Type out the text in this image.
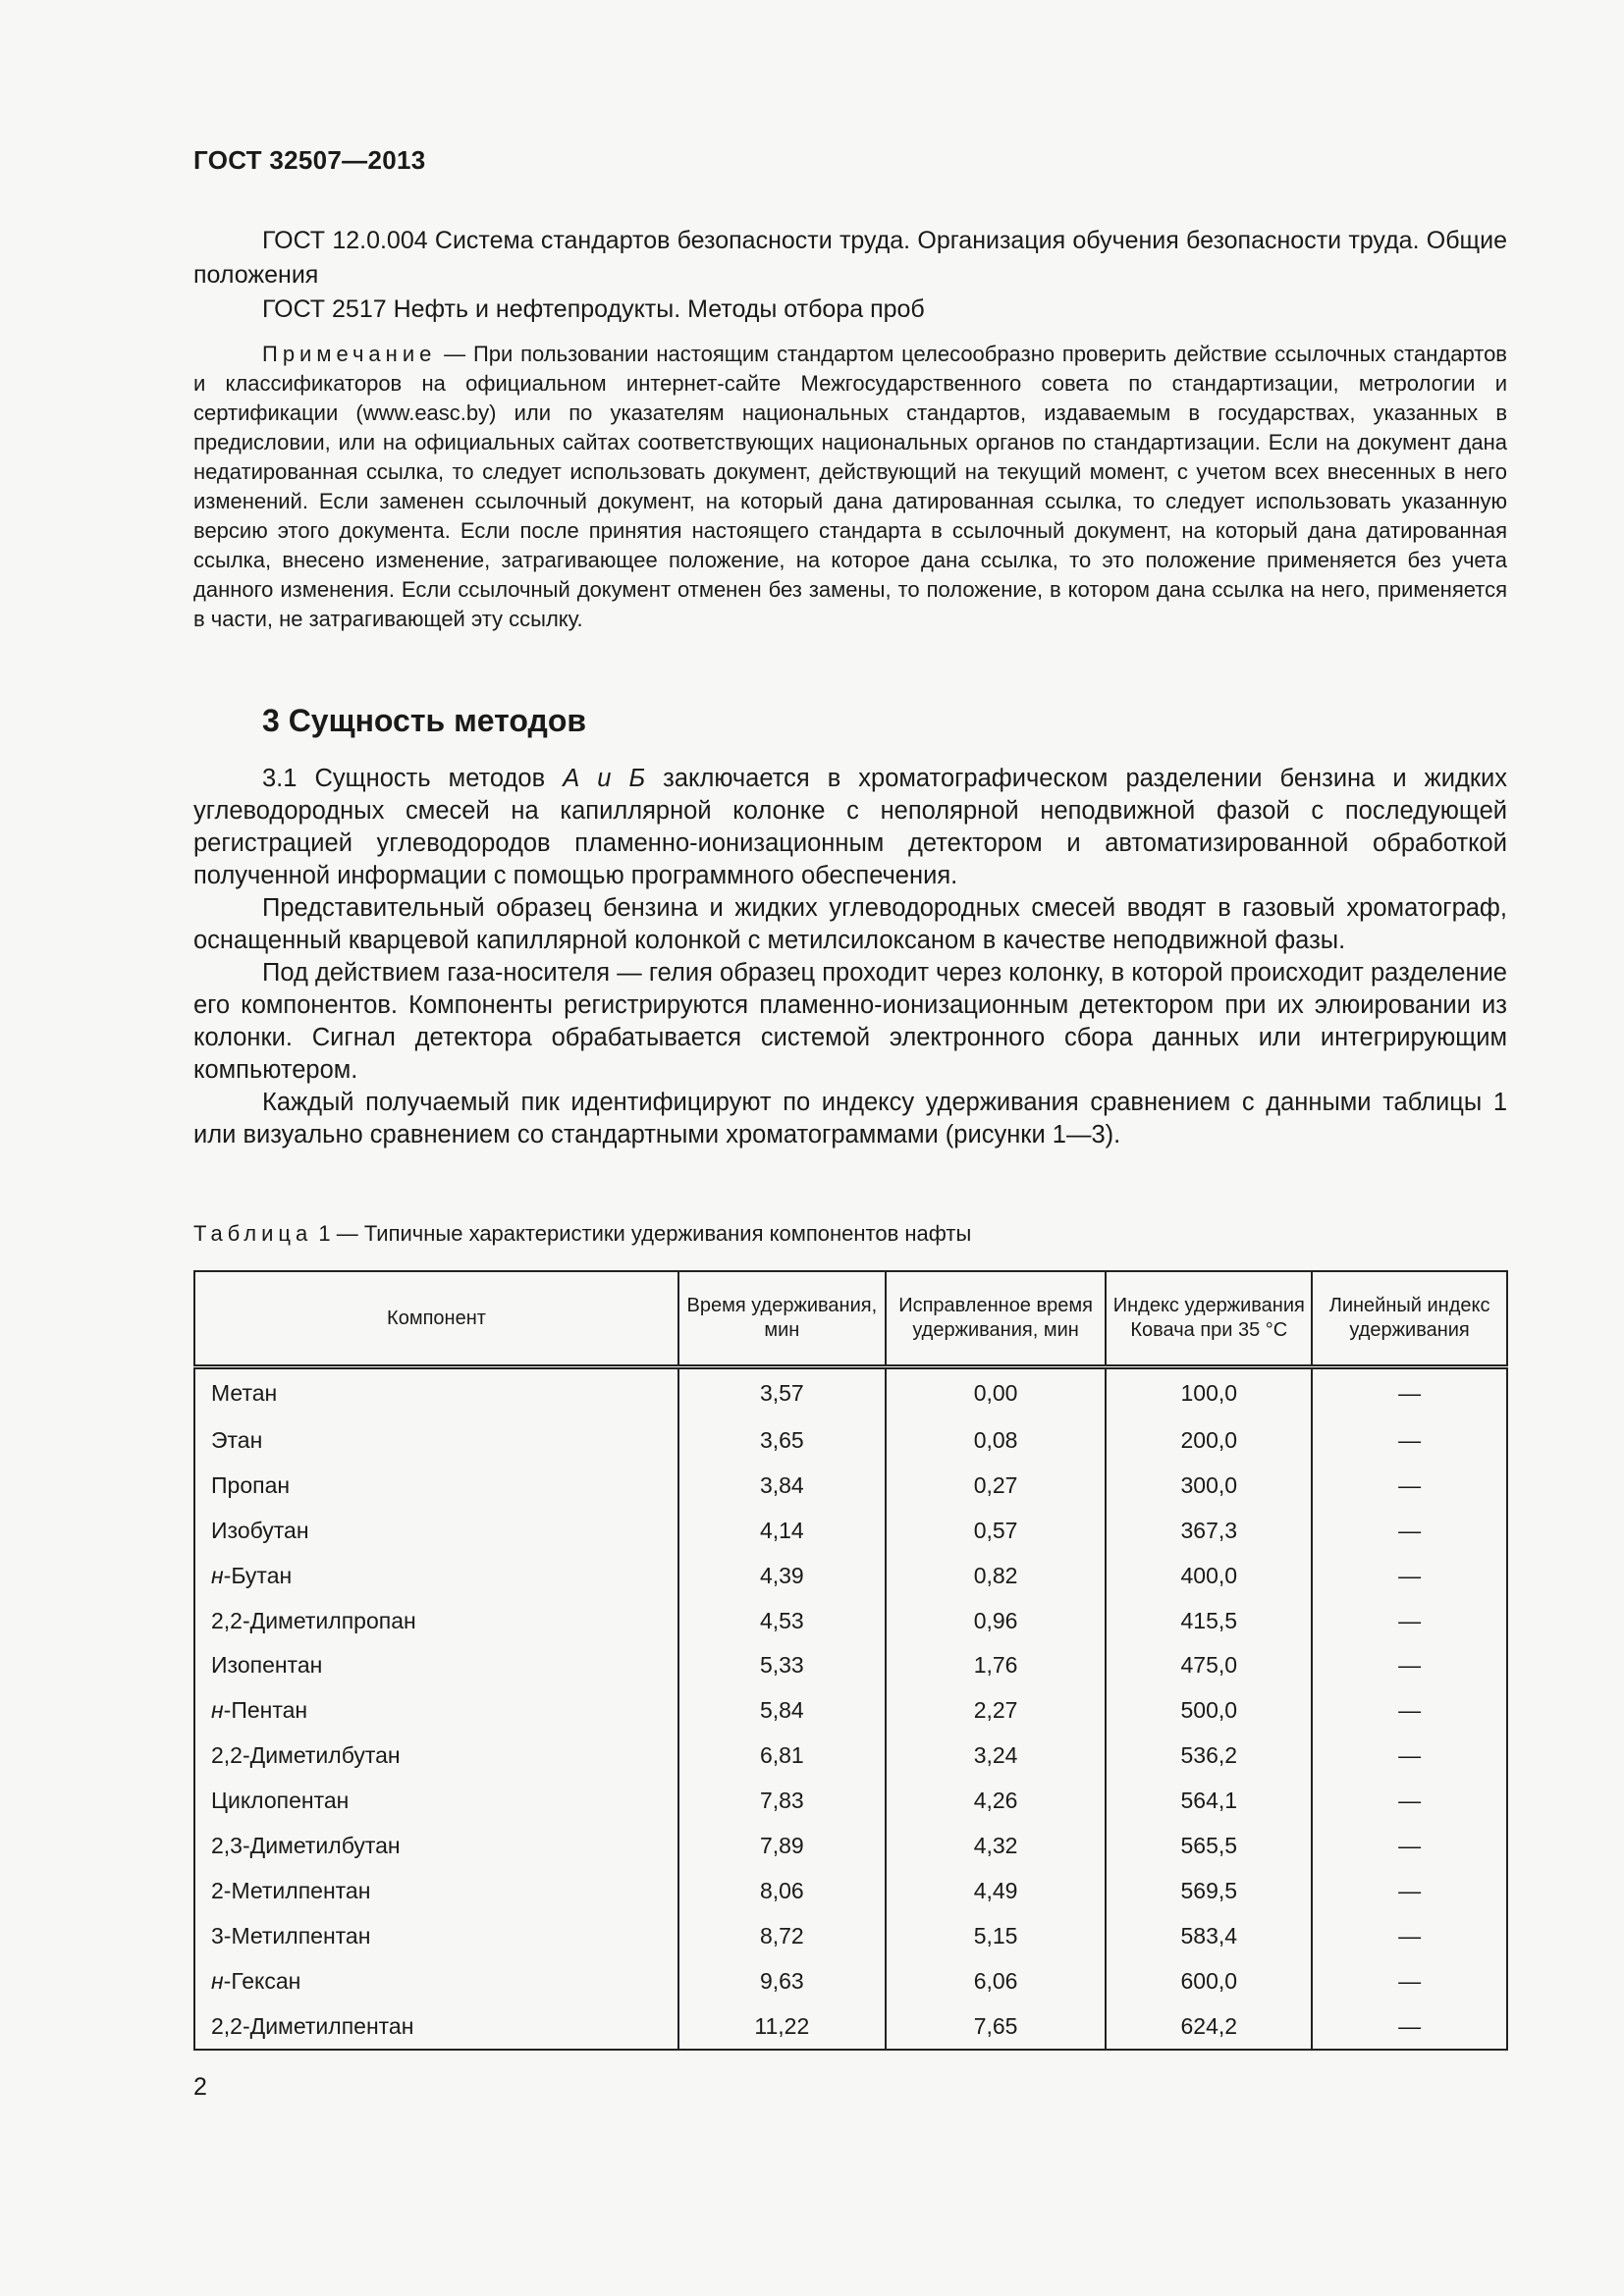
ГОСТ 32507—2013

ГОСТ 12.0.004 Система стандартов безопасности труда. Организация обучения безопасности труда. Общие положения

ГОСТ 2517 Нефть и нефтепродукты. Методы отбора проб

Примечание — При пользовании настоящим стандартом целесообразно проверить действие ссылочных стандартов и классификаторов на официальном интернет-сайте Межгосударственного совета по стандартизации, метрологии и сертификации (www.easc.by) или по указателям национальных стандартов, издаваемым в государствах, указанных в предисловии, или на официальных сайтах соответствующих национальных органов по стандартизации. Если на документ дана недатированная ссылка, то следует использовать документ, действующий на текущий момент, с учетом всех внесенных в него изменений. Если заменен ссылочный документ, на который дана датированная ссылка, то следует использовать указанную версию этого документа. Если после принятия настоящего стандарта в ссылочный документ, на который дана датированная ссылка, внесено изменение, затрагивающее положение, на которое дана ссылка, то это положение применяется без учета данного изменения. Если ссылочный документ отменен без замены, то положение, в котором дана ссылка на него, применяется в части, не затрагивающей эту ссылку.
3 Сущность методов

3.1 Сущность методов А и Б заключается в хроматографическом разделении бензина и жидких углеводородных смесей на капиллярной колонке с неполярной неподвижной фазой с последующей регистрацией углеводородов пламенно-ионизационным детектором и автоматизированной обработкой полученной информации с помощью программного обеспечения.

Представительный образец бензина и жидких углеводородных смесей вводят в газовый хроматограф, оснащенный кварцевой капиллярной колонкой с метилсилоксаном в качестве неподвижной фазы.

Под действием газа-носителя — гелия образец проходит через колонку, в которой происходит разделение его компонентов. Компоненты регистрируются пламенно-ионизационным детектором при их элюировании из колонки. Сигнал детектора обрабатывается системой электронного сбора данных или интегрирующим компьютером.

Каждый получаемый пик идентифицируют по индексу удерживания сравнением с данными таблицы 1 или визуально сравнением со стандартными хроматограммами (рисунки 1—3).

Таблица 1 — Типичные характеристики удерживания компонентов нафты
Компонент	Время удерживания, мин	Исправленное время удерживания, мин	Индекс удерживания Ковача при 35 °С	Линейный индекс удерживания
Метан	3,57	0,00	100,0	—
Этан	3,65	0,08	200,0	—
Пропан	3,84	0,27	300,0	—
Изобутан	4,14	0,57	367,3	—
н-Бутан	4,39	0,82	400,0	—
2,2-Диметилпропан	4,53	0,96	415,5	—
Изопентан	5,33	1,76	475,0	—
н-Пентан	5,84	2,27	500,0	—
2,2-Диметилбутан	6,81	3,24	536,2	—
Циклопентан	7,83	4,26	564,1	—
2,3-Диметилбутан	7,89	4,32	565,5	—
2-Метилпентан	8,06	4,49	569,5	—
3-Метилпентан	8,72	5,15	583,4	—
н-Гексан	9,63	6,06	600,0	—
2,2-Диметилпентан	11,22	7,65	624,2	—
2
